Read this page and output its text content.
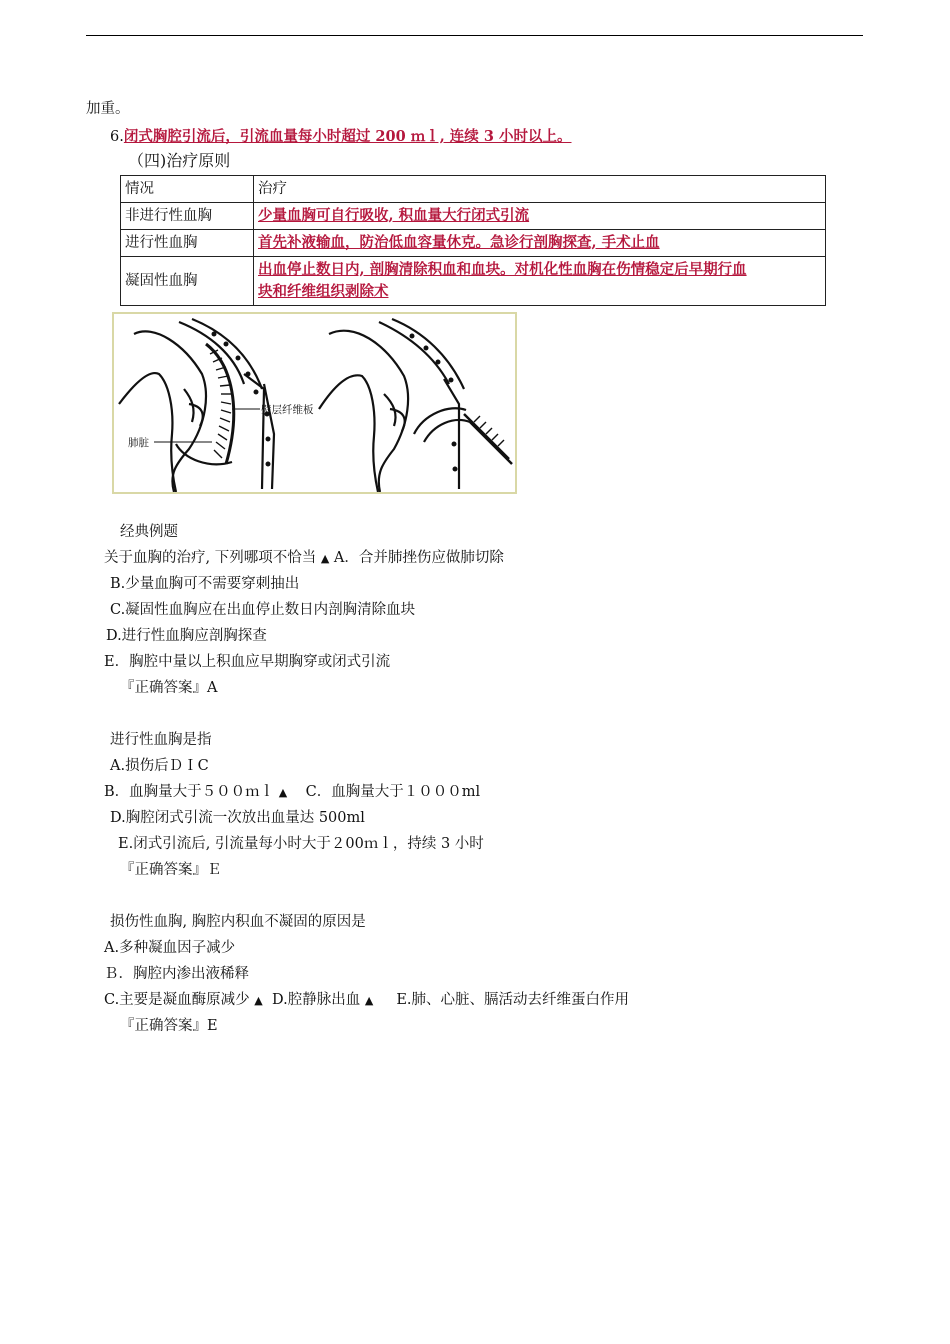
加重。
6.闭式胸腔引流后，引流血量每小时超过 200 ｍｌ, 连续 3 小时以上。
（四)治疗原则
情况	治疗
非进行性血胸	少量血胸可自行吸收, 积血量大行闭式引流
进行性血胸	首先补液输血，防治低血容量休克。急诊行剖胸探查, 手术止血
凝固性血胸	出血停止数日内, 剖胸清除积血和血块。对机化性血胸在伤情稳定后早期行血
块和纤维组织剥除术
壁层纤维板
肺脏
经典例题
关于血胸的治疗, 下列哪项不恰当 ▲ A．合并肺挫伤应做肺切除
B.少量血胸可不需要穿刺抽出
C.凝固性血胸应在出血停止数日内剖胸清除血块
D.进行性血胸应剖胸探查
E．胸腔中量以上积血应早期胸穿或闭式引流
『正确答案』A
进行性血胸是指
A.损伤后ＤＩC
B．血胸量大于５００ｍｌ ▲ C．血胸量大于１０００ml
D.胸腔闭式引流一次放出血量达 500ml
E.闭式引流后, 引流量每小时大于２00ｍｌ，持续 3 小时
『正确答案』Ｅ
损伤性血胸, 胸腔内积血不凝固的原因是
A.多种凝血因子减少
Ｂ．胸腔内渗出液稀释
C.主要是凝血酶原减少 ▲ D.腔静脉出血 ▲ E.肺、心脏、膈活动去纤维蛋白作用
『正确答案』E
